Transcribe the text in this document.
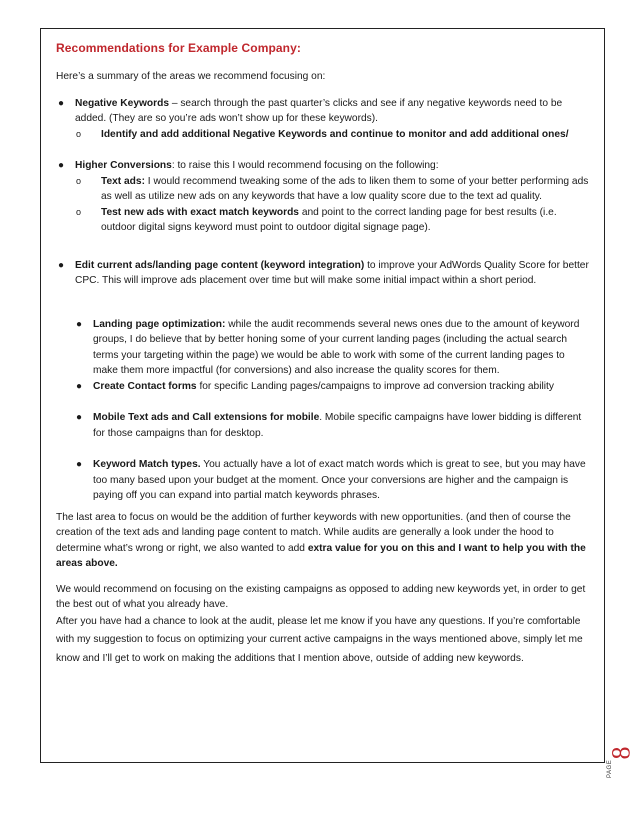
Recommendations for Example Company:

Here’s a summary of the areas we recommend focusing on:

● Negative Keywords – search through the past quarter’s clicks and see if any negative keywords need to be added. (They are so you’re ads won’t show up for these keywords).
o Identify and add additional Negative Keywords and continue to monitor and add additional ones/
● Higher Conversions: to raise this I would recommend focusing on the following:
o Text ads: I would recommend tweaking some of the ads to liken them to some of your better performing ads as well as utilize new ads on any keywords that have a low quality score due to the text ad quality.
o Test new ads with exact match keywords and point to the correct landing page for best results (i.e. outdoor digital signs keyword must point to outdoor digital signage page).
● Edit current ads/landing page content (keyword integration) to improve your AdWords Quality Score for better CPC. This will improve ads placement over time but will make some initial impact within a short period.
● Landing page optimization: while the audit recommends several news ones due to the amount of keyword groups, I do believe that by better honing some of your current landing pages (including the actual search terms your targeting within the page) we would be able to work with some of the current landing pages to make them more impactful (for conversions) and also increase the quality scores for them.
● Create Contact forms for specific Landing pages/campaigns to improve ad conversion tracking ability
● Mobile Text ads and Call extensions for mobile. Mobile specific campaigns have lower bidding is different for those campaigns than for desktop.
● Keyword Match types. You actually have a lot of exact match words which is great to see, but you may have too many based upon your budget at the moment. Once your conversions are higher and the campaign is paying off you can expand into partial match keywords phrases.

The last area to focus on would be the addition of further keywords with new opportunities. (and then of course the creation of the text ads and landing page content to match. While audits are generally a look under the hood to determine what’s wrong or right, we also wanted to add extra value for you on this and I want to help you with the areas above.

We would recommend on focusing on the existing campaigns as opposed to adding new keywords yet, in order to get the best out of what you already have.

After you have had a chance to look at the audit, please let me know if you have any questions. If you’re comfortable with my suggestion to focus on optimizing your current active campaigns in the ways mentioned above, simply let me know and I’ll get to work on making the additions that I mention above, outside of adding new keywords.

PAGE
8
